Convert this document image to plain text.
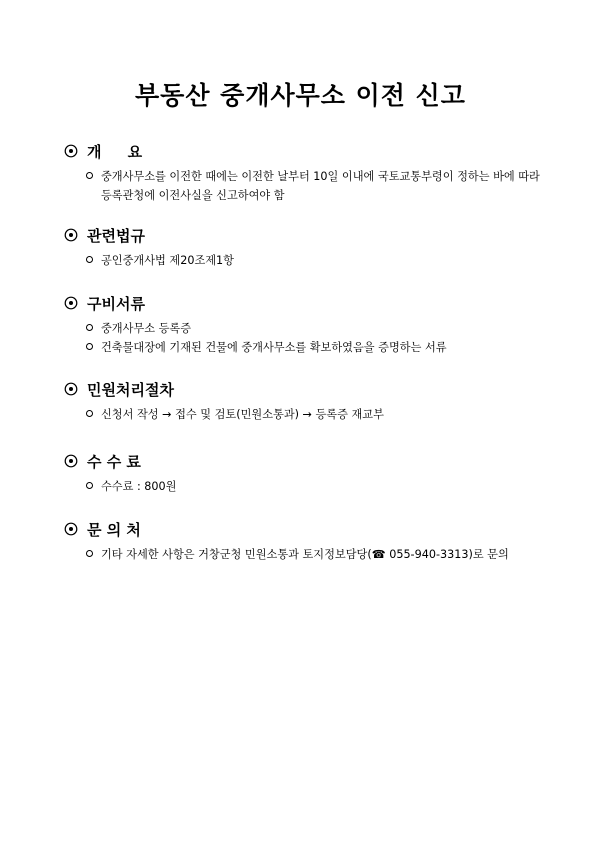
부동산 중개사무소 이전 신고
개     요
중개사무소를 이전한 때에는 이전한 날부터 10일 이내에 국토교통부령이 정하는 바에 따라 등록관청에 이전사실을 신고하여야 함
관련법규
공인중개사법 제20조제1항
구비서류
중개사무소 등록증
건축물대장에 기재된 건물에 중개사무소를 확보하였음을 증명하는 서류
민원처리절차
신청서 작성 → 접수 및 검토(민원소통과) → 등록증 재교부
수 수 료
수수료 : 800원
문 의 처
기타 자세한 사항은 거창군청 민원소통과 토지정보담당(☎ 055-940-3313)로 문의
